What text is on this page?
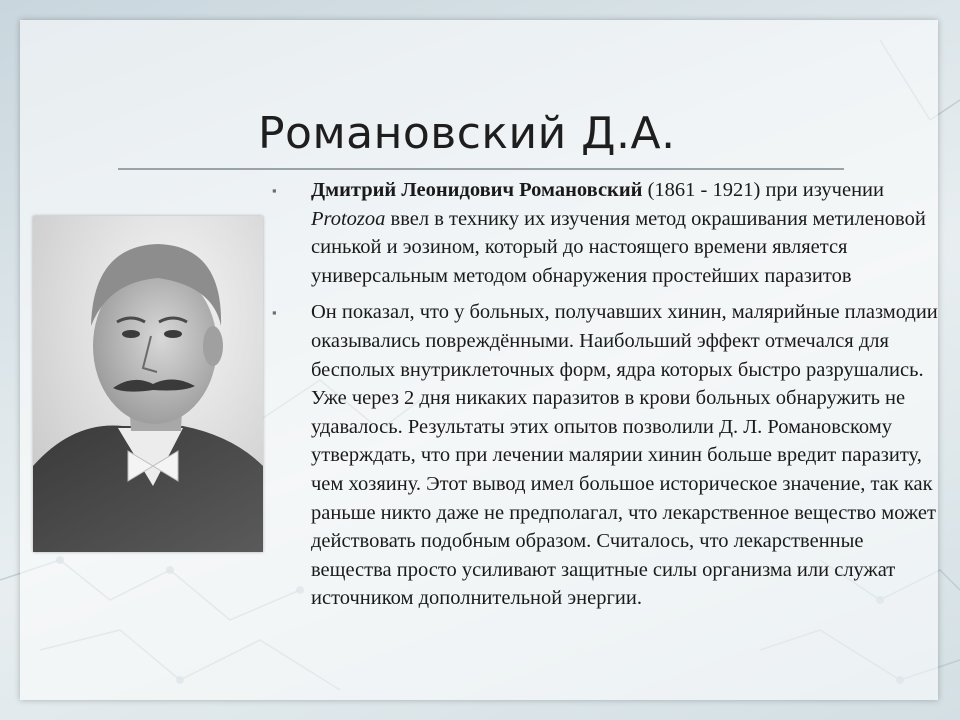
Романовский Д.А.
▪ Дмитрий Леонидович Романовский (1861 - 1921) при изучении Protozoa ввел в технику их изучения метод окрашивания метиленовой синькой и эозином, который до настоящего времени является универсальным методом обнаружения простейших паразитов
▪ Он показал, что у больных, получавших хинин, малярийные плазмодии оказывались повреждёнными. Наибольший эффект отмечался для бесполых внутриклеточных форм, ядра которых быстро разрушались. Уже через 2 дня никаких паразитов в крови больных обнаружить не удавалось. Результаты этих опытов позволили Д. Л. Романовскому утверждать, что при лечении малярии хинин больше вредит паразиту, чем хозяину. Этот вывод имел большое историческое значение, так как раньше никто даже не предполагал, что лекарственное вещество может действовать подобным образом. Считалось, что лекарственные вещества просто усиливают защитные силы организма или служат источником дополнительной энергии.
